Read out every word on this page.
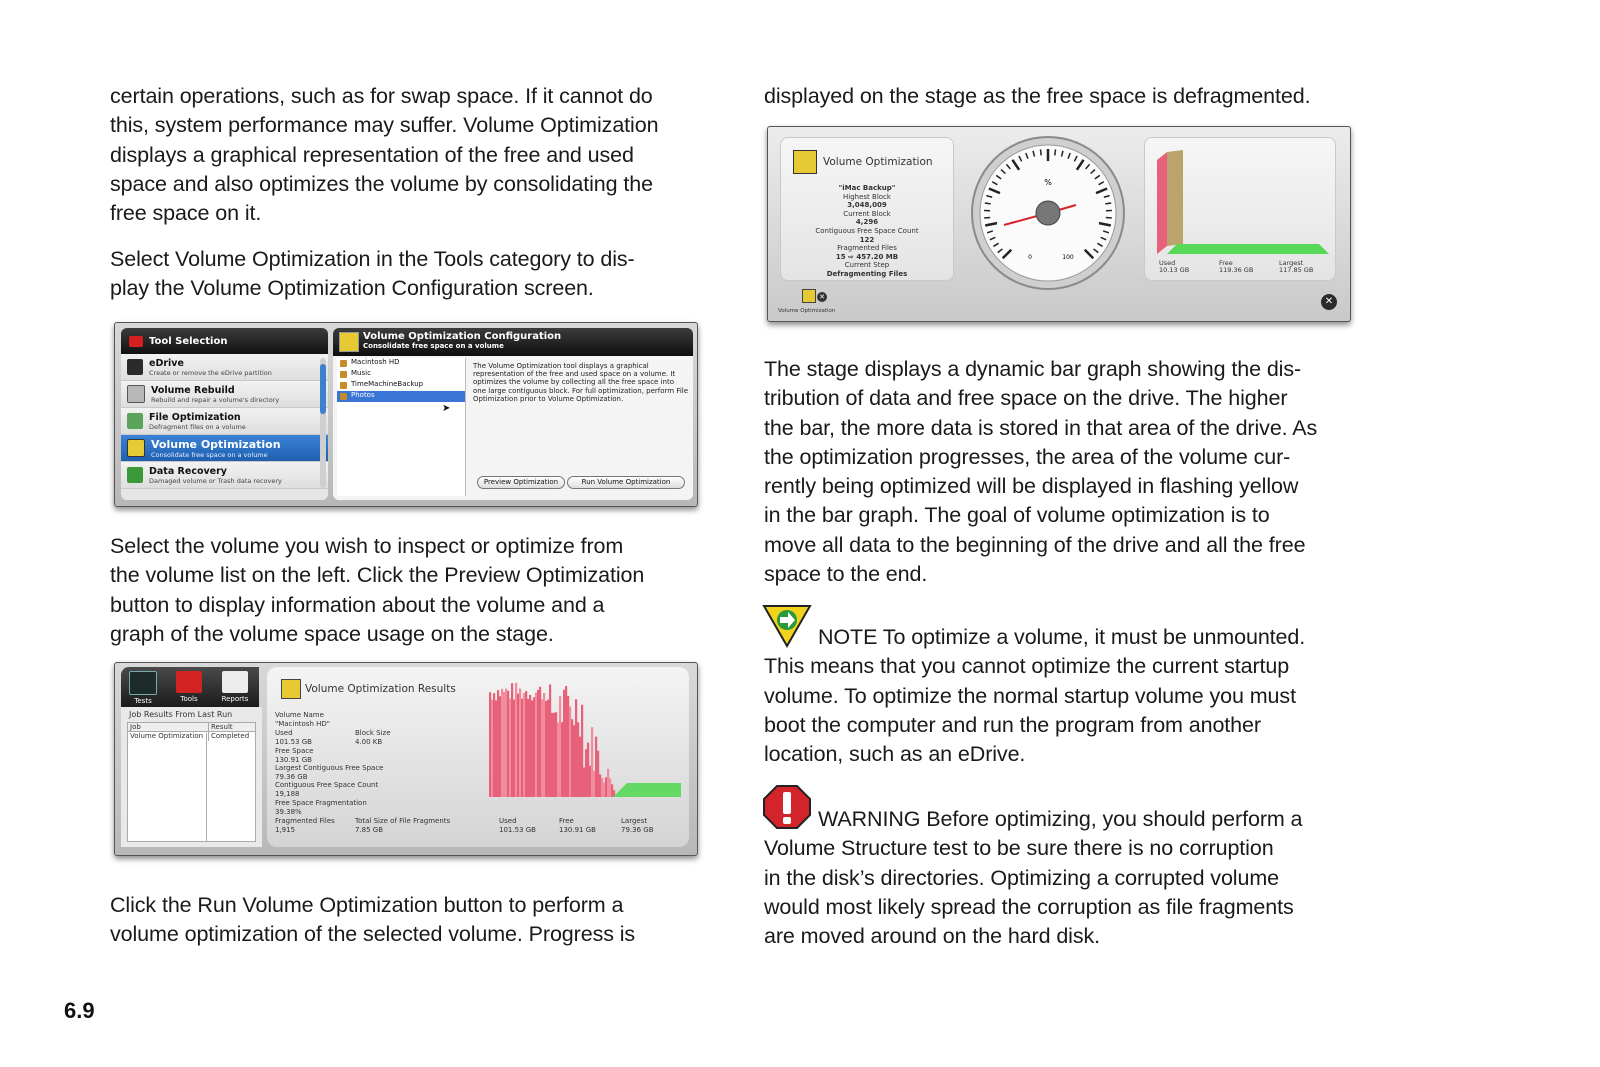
certain operations, such as for swap space. If it cannot do
this, system performance may suffer. Volume Optimization
displays a graphical representation of the free and used
space and also optimizes the volume by consolidating the
free space on it.
Select Volume Optimization in the Tools category to dis-
play the Volume Optimization Configuration screen.
Tool Selection
eDrive
Create or remove the eDrive partition
Volume Rebuild
Rebuild and repair a volume's directory
File Optimization
Defragment files on a volume
Volume Optimization
Consolidate free space on a volume
Data Recovery
Damaged volume or Trash data recovery
Volume Optimization Configuration
Consolidate free space on a volume
Macintosh HD
Music
TimeMachineBackup
Photos
➤
The Volume Optimization tool displays a graphical representation of the free and used space on a volume. It optimizes the volume by collecting all the free space into one large contiguous block. For full optimization, perform File Optimization prior to Volume Optimization.
Preview Optimization	Run Volume Optimization
Select the volume you wish to inspect or optimize from
the volume list on the left. Click the Preview Optimization
button to display information about the volume and a
graph of the volume space usage on the stage.
Tests	Tools	Reports
Job Results From Last Run
Job	Result
Volume Optimization	Completed
Volume Optimization Results
Volume Name
"Macintosh HD"
Used
101.53 GB
Block Size
4.00 KB
Free Space
130.91 GB
Largest Contiguous Free Space
79.36 GB
Contiguous Free Space Count
19,188
Free Space Fragmentation
39.38%
Fragmented Files
1,915
Total Size of File Fragments
7.85 GB
Used
101.53 GB
Free
130.91 GB
Largest
79.36 GB
Click the Run Volume Optimization button to perform a
volume optimization of the selected volume. Progress is
6.9
displayed on the stage as the free space is defragmented.
Volume Optimization
"iMac Backup"
Highest Block
3,048,009
Current Block
4,296
Contiguous Free Space Count
122
Fragmented Files
15 ⇨ 457.20 MB
Current Step
Defragmenting Files
%
0	100
Used
10.13 GB
Free
119.36 GB
Largest
117.85 GB
✕
Volume Optimization
✕
The stage displays a dynamic bar graph showing the dis-
tribution of data and free space on the drive. The higher
the bar, the more data is stored in that area of the drive. As
the optimization progresses, the area of the volume cur-
rently being optimized will be displayed in flashing yellow
in the bar graph. The goal of volume optimization is to
move all data to the beginning of the drive and all the free
space to the end.
NOTE To optimize a volume, it must be unmounted.
This means that you cannot optimize the current startup
volume. To optimize the normal startup volume you must
boot the computer and run the program from another
location, such as an eDrive.
WARNING Before optimizing, you should perform a
Volume Structure test to be sure there is no corruption
in the disk’s directories. Optimizing a corrupted volume
would most likely spread the corruption as file fragments
are moved around on the hard disk.
